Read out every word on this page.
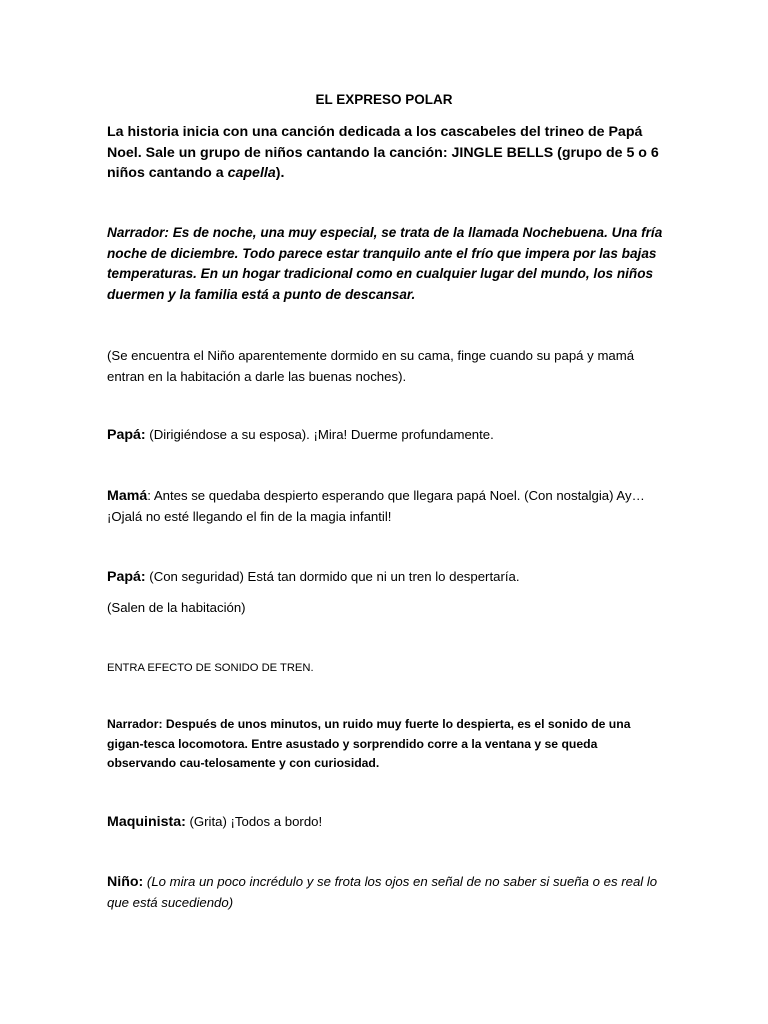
EL EXPRESO POLAR

La historia inicia con una canción dedicada a los cascabeles del trineo de Papá Noel. Sale un grupo de niños cantando la canción: JINGLE BELLS (grupo de 5 o 6 niños cantando a capella).

Narrador: Es de noche, una muy especial, se trata de la llamada Nochebuena. Una fría noche de diciembre. Todo parece estar tranquilo ante el frío que impera por las bajas temperaturas. En un hogar tradicional como en cualquier lugar del mundo, los niños duermen y la familia está a punto de descansar.

(Se encuentra el Niño aparentemente dormido en su cama, finge cuando su papá y mamá entran en la habitación a darle las buenas noches).

Papá: (Dirigiéndose a su esposa). ¡Mira! Duerme profundamente.

Mamá: Antes se quedaba despierto esperando que llegara papá Noel. (Con nostalgia) Ay… ¡Ojalá no esté llegando el fin de la magia infantil!

Papá: (Con seguridad) Está tan dormido que ni un tren lo despertaría.

(Salen de la habitación)

ENTRA EFECTO DE SONIDO DE TREN.

Narrador: Después de unos minutos, un ruido muy fuerte lo despierta, es el sonido de una gigan-tesca locomotora. Entre asustado y sorprendido corre a la ventana y se queda observando cau-telosamente y con curiosidad.

Maquinista: (Grita) ¡Todos a bordo!

Niño: (Lo mira un poco incrédulo y se frota los ojos en señal de no saber si sueña o es real lo que está sucediendo)
